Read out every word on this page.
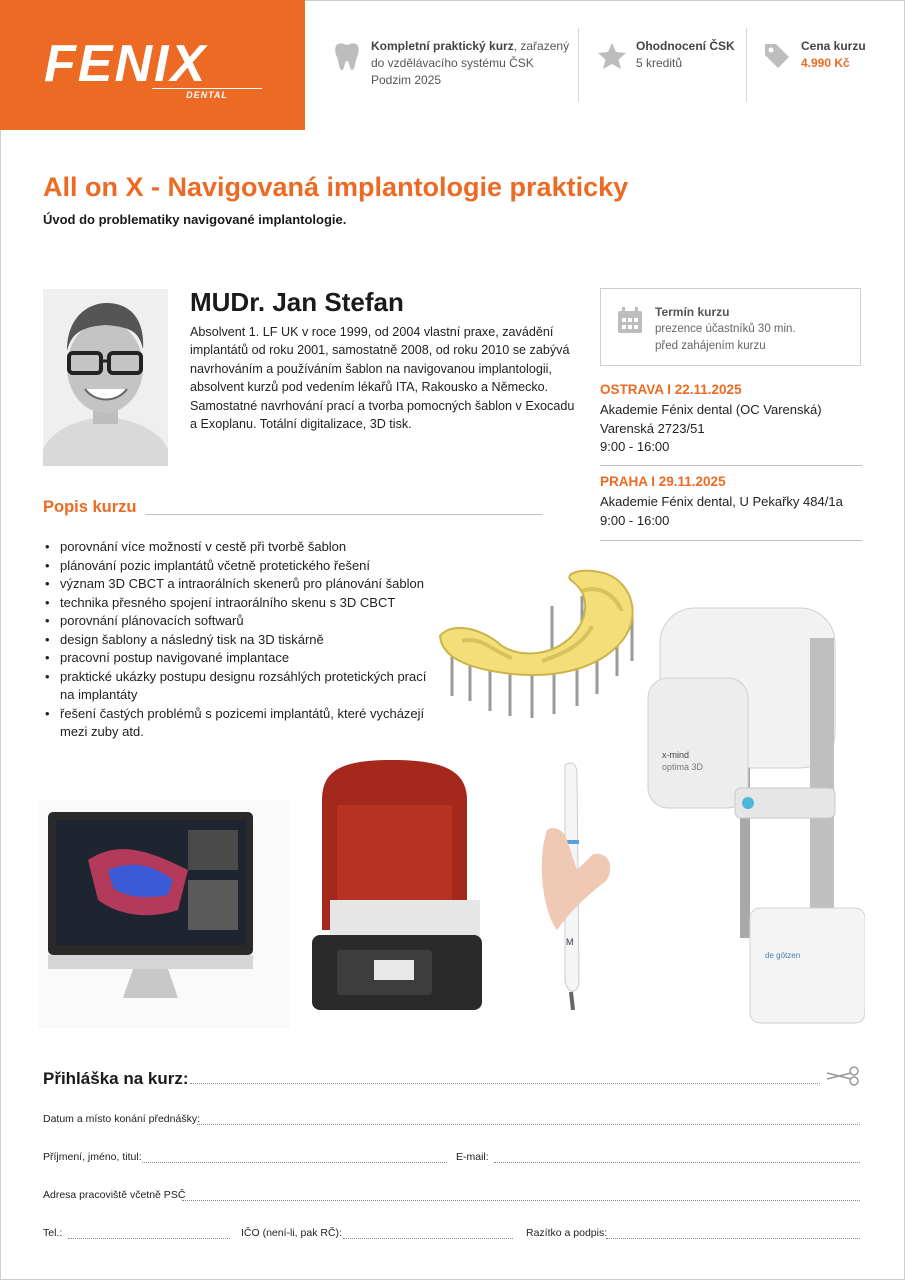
FENIX
DENTAL
Kompletní praktický kurz, zařazený
do vzdělávacího systému ČSK
Podzim 2025
Ohodnocení ČSK
5 kreditů
Cena kurzu
4.990 Kč
All on X - Navigovaná implantologie prakticky
Úvod do problematiky navigované implantologie.
MUDr. Jan Stefan
Absolvent 1. LF UK v roce 1999, od 2004 vlastní praxe, zavádění implantátů od roku 2001, samostatně 2008, od roku 2010 se zabývá navrhováním a používáním šablon na navigovanou implantologii, absolvent kurzů pod vedením lékařů ITA, Rakousko a Německo. Samostatné navrhování prací a tvorba pomocných šablon v Exocadu a Exoplanu. Totální digitalizace, 3D tisk.
Termín kurzu
prezence účastníků 30 min.
před zahájením kurzu
OSTRAVA I 22.11.2025
Akademie Fénix dental (OC Varenská)
Varenská 2723/51
9:00 - 16:00
PRAHA I 29.11.2025
Akademie Fénix dental, U Pekařky 484/1a
9:00 - 16:00
Popis kurzu
• porovnání více možností v cestě při tvorbě šablon
• plánování pozic implantátů včetně protetického řešení
• význam 3D CBCT a intraorálních skenerů pro plánování šablon
• technika přesného spojení intraorálního skenu s 3D CBCT
• porovnání plánovacích softwarů
• design šablony a následný tisk na 3D tiskárně
• pracovní postup navigované implantace
• praktické ukázky postupu designu rozsáhlých protetických prací na implantáty
• řešení častých problémů s pozicemi implantátů, které vycházejí mezi zuby atd.
x-mind
optima 3D
de götzen
M
Přihláška na kurz:
Datum a místo konání přednášky:
Příjmení, jméno, titul:	E-mail:
Adresa pracoviště včetně PSČ
Tel.:	IČO (není-li, pak RČ):	Razítko a podpis:
